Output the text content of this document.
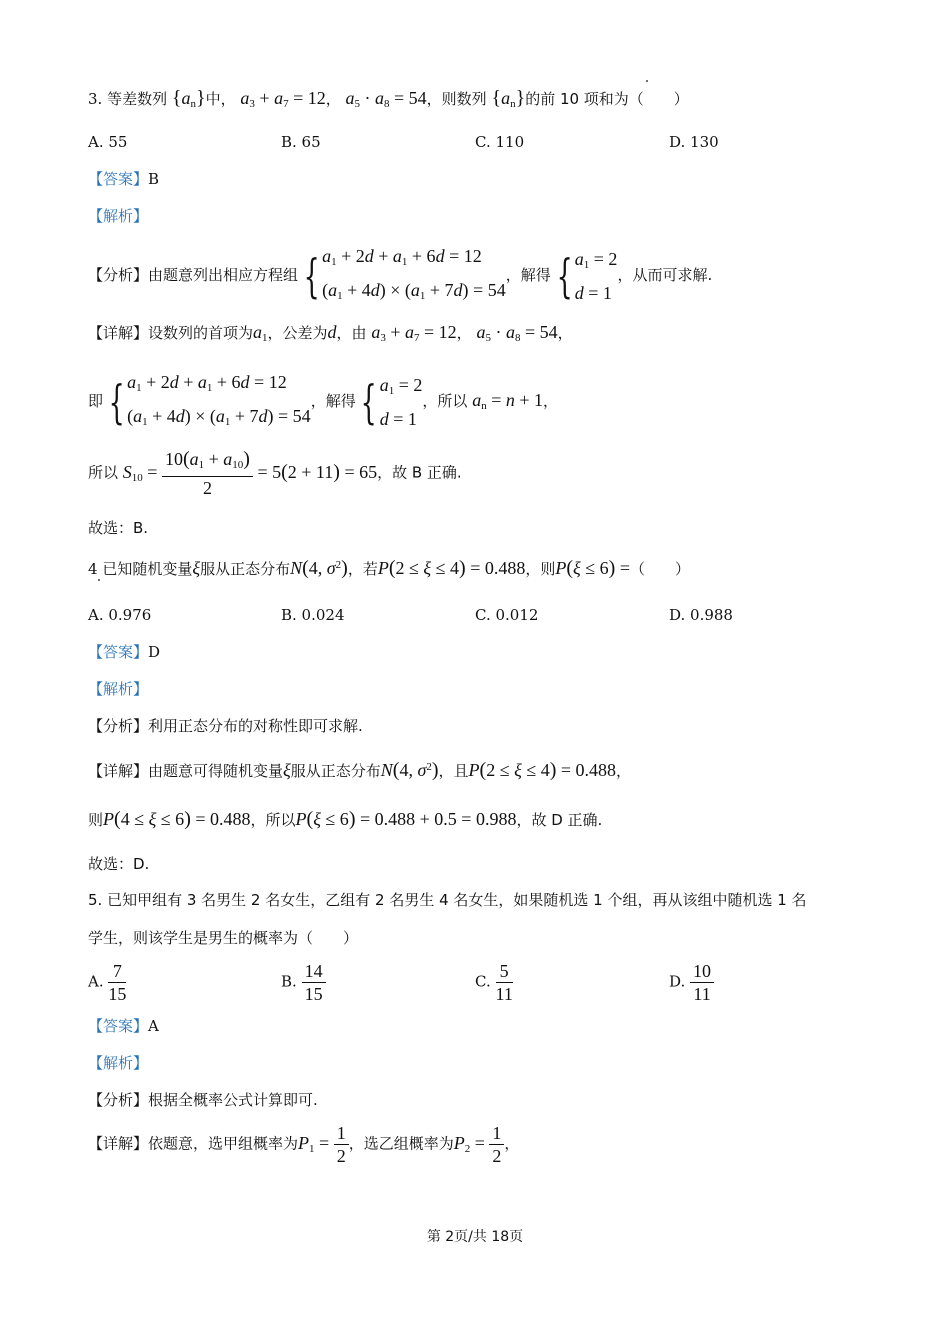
3. 等差数列 $\{a_n\}$中， $a_3 + a_7 = 12$， $a_5 \cdot a_8 = 54$，则数列 $\{a_n\}$的前 10 项和为（　　）
A. 55	B. 65	C. 110	D. 130
【答案】B
【解析】
【分析】由题意列出相应方程组 { $a_1 + 2d + a_1 + 6d = 12$
$(a_1 + 4d) \times (a_1 + 7d) = 54$
，解得 { $a_1 = 2$
d = 1
，从而可求解.
【详解】设数列的首项为$a_1$，公差为d，由 $a_3 + a_7 = 12$， $a_5 \cdot a_8 = 54$，
即 { $a_1 + 2d + a_1 + 6d = 12$
$(a_1 + 4d) \times (a_1 + 7d) = 54$
，解得 { $a_1 = 2$
d = 1
，所以 $a_n = n + 1$，
所以 $S_{10} = \frac{10(a_1 + a_{10})}{2} = 5(2 + 11) = 65$，故 B 正确.
故选：B.
4 已知随机变量ξ服从正态分布N(4, $\sigma^2$)，若P(2 ≤ ξ ≤ 4) = 0.488，则P(ξ ≤ 6) =（　　）
A. 0.976	B. 0.024	C. 0.012	D. 0.988
【答案】D
【解析】
【分析】利用正态分布的对称性即可求解.
【详解】由题意可得随机变量ξ服从正态分布N(4, $\sigma^2$)，且P(2 ≤ ξ ≤ 4) = 0.488，
则P(4 ≤ ξ ≤ 6) = 0.488，所以P(ξ ≤ 6) = 0.488 + 0.5 = 0.988，故 D 正确.
故选：D.
5. 已知甲组有 3 名男生 2 名女生，乙组有 2 名男生 4 名女生，如果随机选 1 个组，再从该组中随机选 1 名
学生，则该学生是男生的概率为（　　）
A. $\frac{7}{15}$	B. $\frac{14}{15}$	C. $\frac{5}{11}$	D. $\frac{10}{11}$
【答案】A
【解析】
【分析】根据全概率公式计算即可.
【详解】依题意，选甲组概率为$P_1 = \frac{1}{2}$ ，选乙组概率为$P_2 = \frac{1}{2}$ ，
第 2页/共 18页
